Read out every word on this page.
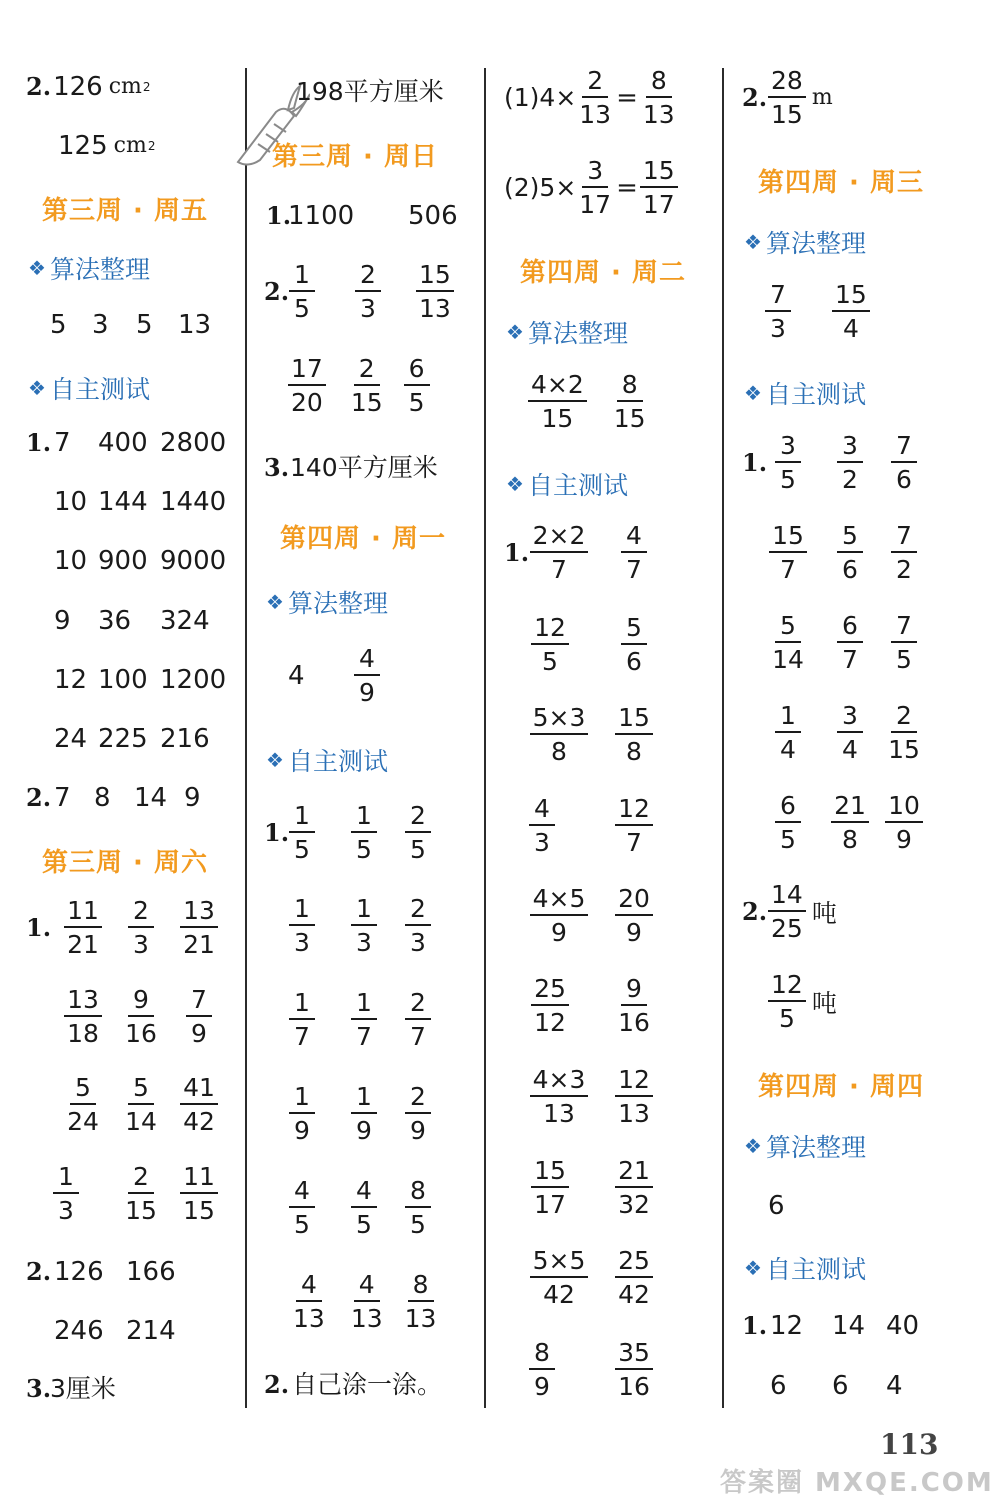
2. 126 cm 2
125 cm 2
第三周 · 周五
❖ 算法整理
5 3	5 13
❖ 自主测试
1. 7	400 2800
10 144 1440
10 900 9000
9	36	324
12 100 1200
24 225 216
2. 7 8 14 9
第三周 · 周六
1. $\frac{11}{21} \frac{2}{3} \frac{13}{21}$
$\frac{13}{18} \frac{9}{16} \frac{7}{9}$
$\frac{5}{24} \frac{5}{14} \frac{41}{42}$
$\frac{1}{3} \frac{2}{15} \frac{11}{15}$
2. 126 166
246 214
3.
3厘米
198平方厘米
第三周 · 周日
1.
1100	506
2. $\frac{1}{5} \frac{2}{3} \frac{15}{13}$
$\frac{17}{20} \frac{2}{15} \frac{6}{5}$
3. 140平方厘米
第四周 · 周一
❖ 算法整理
4	$\frac{4}{9}$
❖ 自主测试
1. $\frac{1}{5} \frac{1}{5} \frac{2}{5}$
$\frac{1}{3} \frac{1}{3} \frac{2}{3}$
$\frac{1}{7} \frac{1}{7} \frac{2}{7}$
$\frac{1}{9} \frac{1}{9} \frac{2}{9}$
$\frac{4}{5} \frac{4}{5} \frac{8}{5}$
$\frac{4}{13} \frac{4}{13} \frac{8}{13}$
2. 自己涂一涂。
$(1)4\times \frac{2}{13} = \frac{8}{13}$
$(2)5\times \frac{3}{17} = \frac{15}{17}$
第四周 · 周二
❖ 算法整理
$\frac{4\times 2}{15} \frac{8}{15}$
❖ 自主测试
1. $\frac{2\times 2}{7} \frac{4}{7}$
$\frac{12}{5} \frac{5}{6}$
$\frac{5\times 3}{8} \frac{15}{8}$
$\frac{4}{3} \frac{12}{7}$
$\frac{4\times 5}{9} \frac{20}{9}$
$\frac{25}{12} \frac{9}{16}$
$\frac{4\times 3}{13} \frac{12}{13}$
$\frac{15}{17} \frac{21}{32}$
$\frac{5\times 5}{42} \frac{25}{42}$
$\frac{8}{9} \frac{35}{16}$
2. $\frac{28}{15}$ m
第四周 · 周三
❖ 算法整理
$\frac{7}{3} \frac{15}{4}$
❖ 自主测试
1. $\frac{3}{5} \frac{3}{2} \frac{7}{6}$
$\frac{15}{7} \frac{5}{6} \frac{7}{2}$
$\frac{5}{14} \frac{6}{7} \frac{7}{5}$
$\frac{1}{4} \frac{3}{4} \frac{2}{15}$
$\frac{6}{5} \frac{21}{8} \frac{10}{9}$
2. $\frac{14}{25}$ 吨
$\frac{12}{5}$ 吨
第四周 · 周四
❖ 算法整理
6
❖ 自主测试
1. 12	14 40
6	6	4
113
答案圈 MXQE.COM
